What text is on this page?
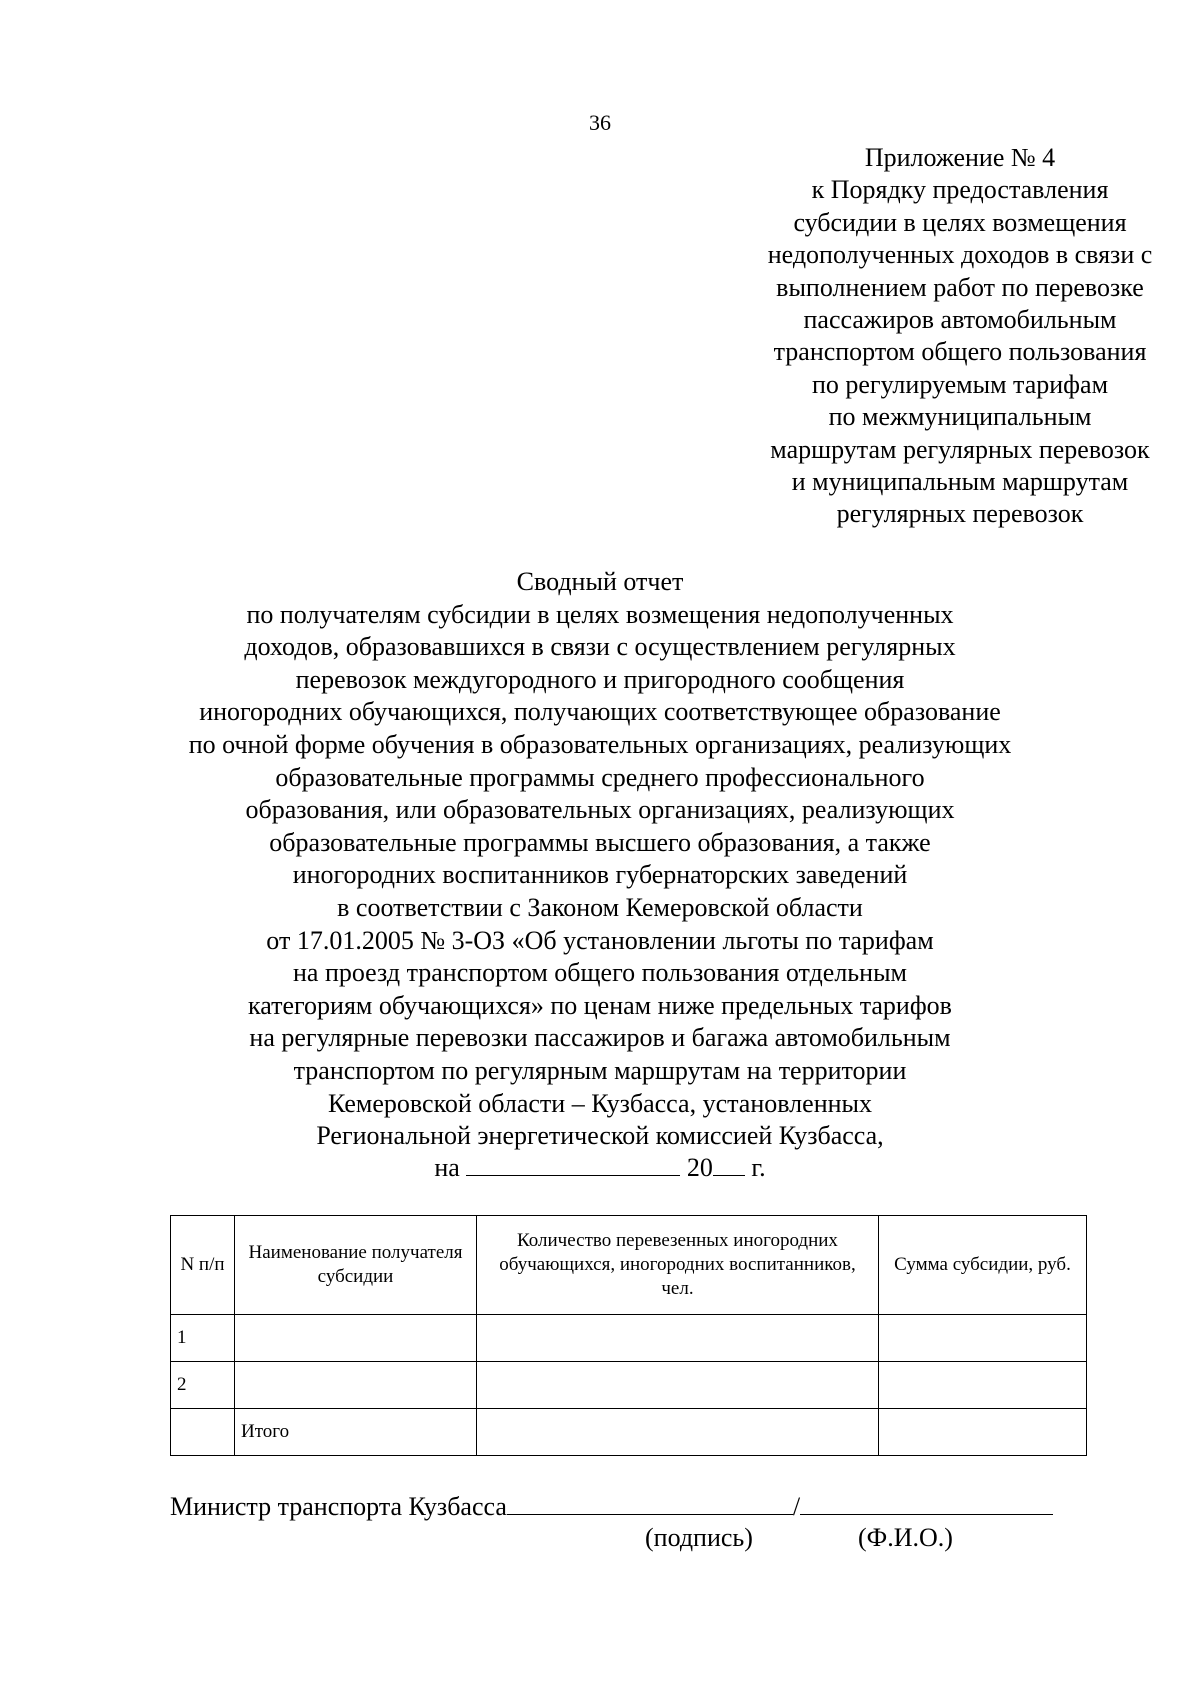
36
Приложение № 4
к Порядку предоставления
субсидии в целях возмещения
недополученных доходов в связи с
выполнением работ по перевозке
пассажиров автомобильным
транспортом общего пользования
по регулируемым тарифам
по межмуниципальным
маршрутам регулярных перевозок
и муниципальным маршрутам
регулярных перевозок
Сводный отчет
по получателям субсидии в целях возмещения недополученных
доходов, образовавшихся в связи с осуществлением регулярных
перевозок междугородного и пригородного сообщения
иногородних обучающихся, получающих соответствующее образование
по очной форме обучения в образовательных организациях, реализующих
образовательные программы среднего профессионального
образования, или образовательных организациях, реализующих
образовательные программы высшего образования, а также
иногородних воспитанников губернаторских заведений
в соответствии с Законом Кемеровской области
от 17.01.2005 № 3-ОЗ «Об установлении льготы по тарифам
на проезд транспортом общего пользования отдельным
категориям обучающихся» по ценам ниже предельных тарифов
на регулярные перевозки пассажиров и багажа автомобильным
транспортом по регулярным маршрутам на территории
Кемеровской области – Кузбасса, установленных
Региональной энергетической комиссией Кузбасса,
на	20 г.
N п/п	Наименование получателя субсидии	Количество перевезенных иногородних обучающихся, иногородних воспитанников, чел.	Сумма субсидии, руб.
1			
2			
	Итого		
Министр транспорта Кузбасса	/
(подпись)	(Ф.И.О.)
